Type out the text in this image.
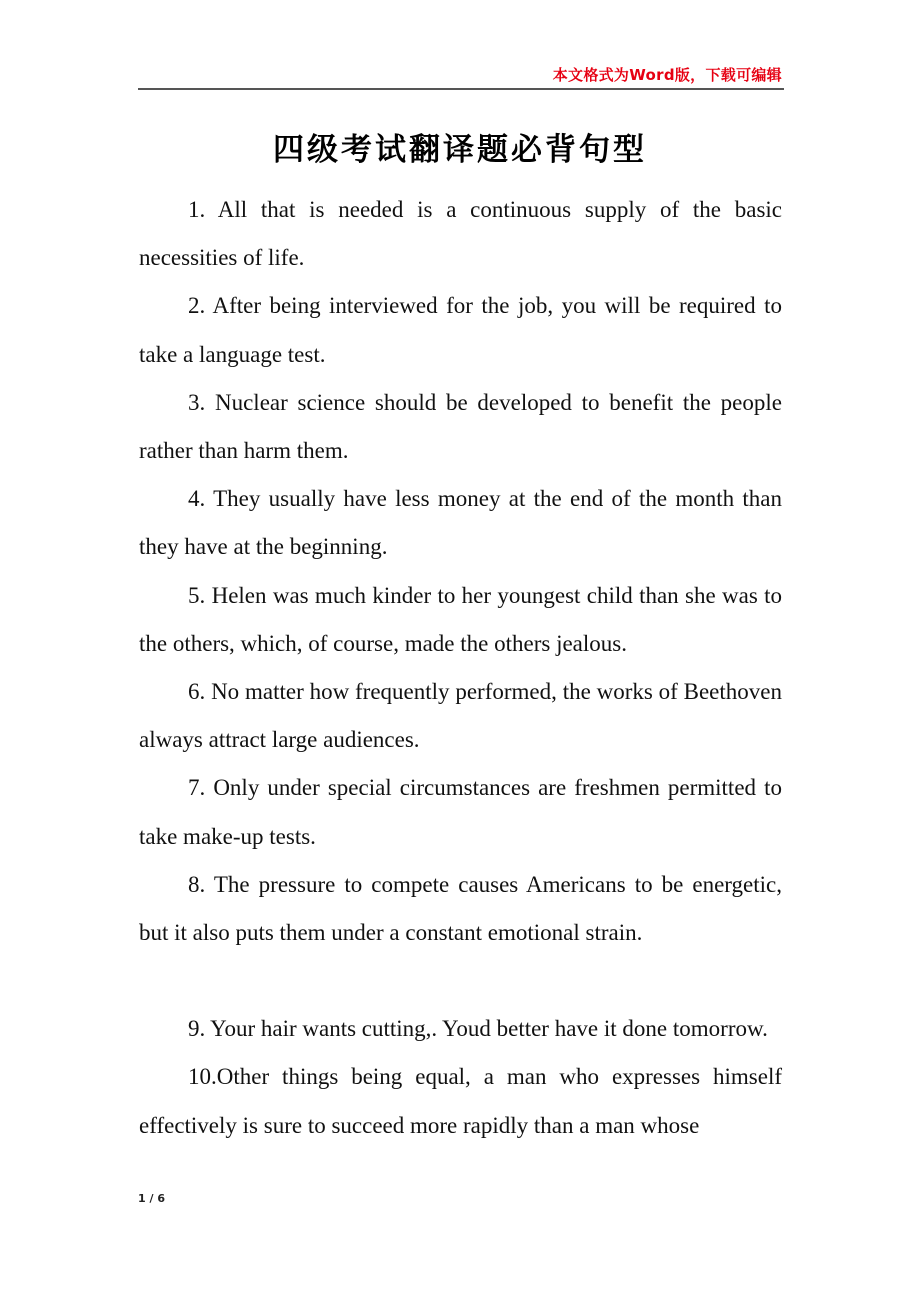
本文格式为Word版，下载可编辑
四级考试翻译题必背句型

1. All that is needed is a continuous supply of the basic necessities of life.

2. After being interviewed for the job, you will be required to take a language test.

3. Nuclear science should be developed to benefit the people rather than harm them.

4. They usually have less money at the end of the month than they have at the beginning.

5. Helen was much kinder to her youngest child than she was to the others, which, of course, made the others jealous.

6. No matter how frequently performed, the works of Beethoven always attract large audiences.

7. Only under special circumstances are freshmen permitted to take make-up tests.

8. The pressure to compete causes Americans to be energetic, but it also puts them under a constant emotional strain.

9. Your hair wants cutting,. Youd better have it done tomorrow.

10.Other things being equal, a man who expresses himself effectively is sure to succeed more rapidly than a man whose

1 / 6
